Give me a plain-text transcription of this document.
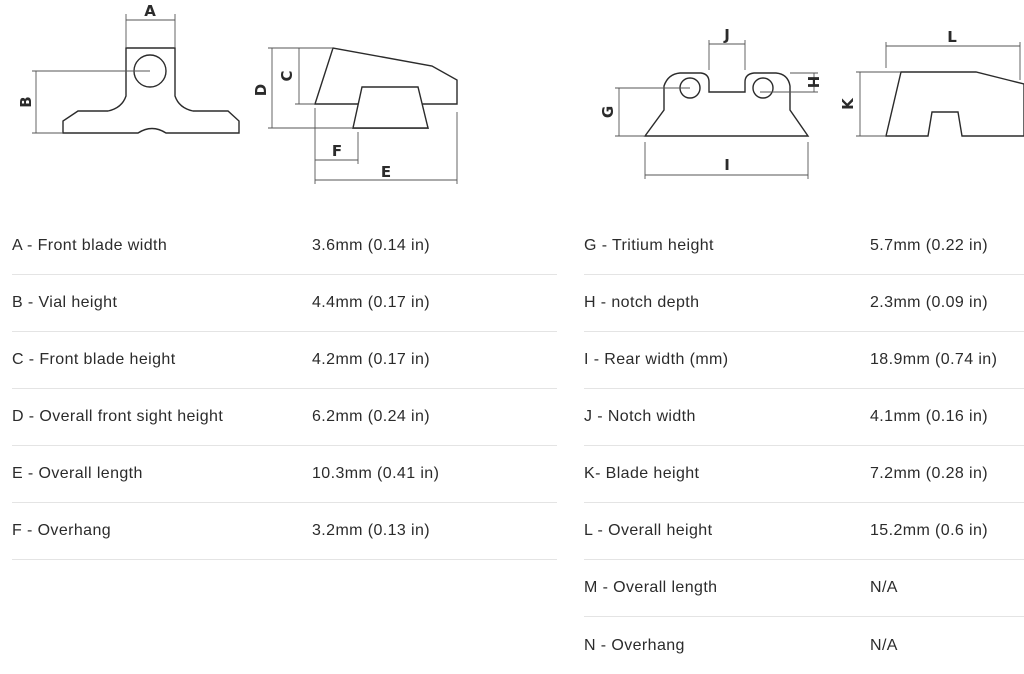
A
B
D
C
F
E
J
H
G
I
L
K
A - Front blade width	3.6mm (0.14 in)
B - Vial height	4.4mm (0.17 in)
C - Front blade height	4.2mm (0.17 in)
D - Overall front sight height	6.2mm (0.24 in)
E - Overall length	10.3mm (0.41 in)
F - Overhang	3.2mm (0.13 in)
G - Tritium height	5.7mm (0.22 in)
H - notch depth	2.3mm (0.09 in)
I - Rear width (mm)	18.9mm (0.74 in)
J - Notch width	4.1mm (0.16 in)
K- Blade height	7.2mm (0.28 in)
L - Overall height	15.2mm (0.6 in)
M - Overall length	N/A
N - Overhang	N/A
